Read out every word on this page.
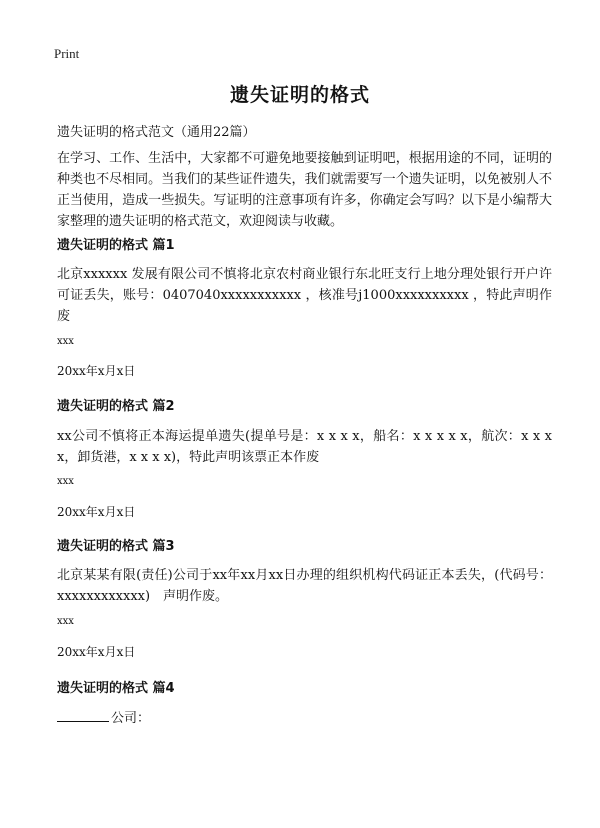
Print
遗失证明的格式

遗失证明的格式范文（通用22篇）

在学习、工作、生活中，大家都不可避免地要接触到证明吧，根据用途的不同，证明的种类也不尽相同。当我们的某些证件遗失，我们就需要写一个遗失证明，以免被别人不正当使用，造成一些损失。写证明的注意事项有许多，你确定会写吗？以下是小编帮大家整理的遗失证明的格式范文，欢迎阅读与收藏。

遗失证明的格式 篇1

北京xxxxxx 发展有限公司不慎将北京农村商业银行东北旺支行上地分理处银行开户许可证丢失，账号：0407040xxxxxxxxxxx ，核准号j1000xxxxxxxxxx ，特此声明作废

xxx

20xx年x月x日

遗失证明的格式 篇2

xx公司不慎将正本海运提单遗失(提单号是：x x x x，船名：x x x x x，航次：x x x x，卸货港，x x x x)，特此声明该票正本作废

xxx

20xx年x月x日

遗失证明的格式 篇3

北京某某有限(责任)公司于xx年xx月xx日办理的组织机构代码证正本丢失，(代码号：xxxxxxxxxxxx)　声明作废。

xxx

20xx年x月x日

遗失证明的格式 篇4

公司：
